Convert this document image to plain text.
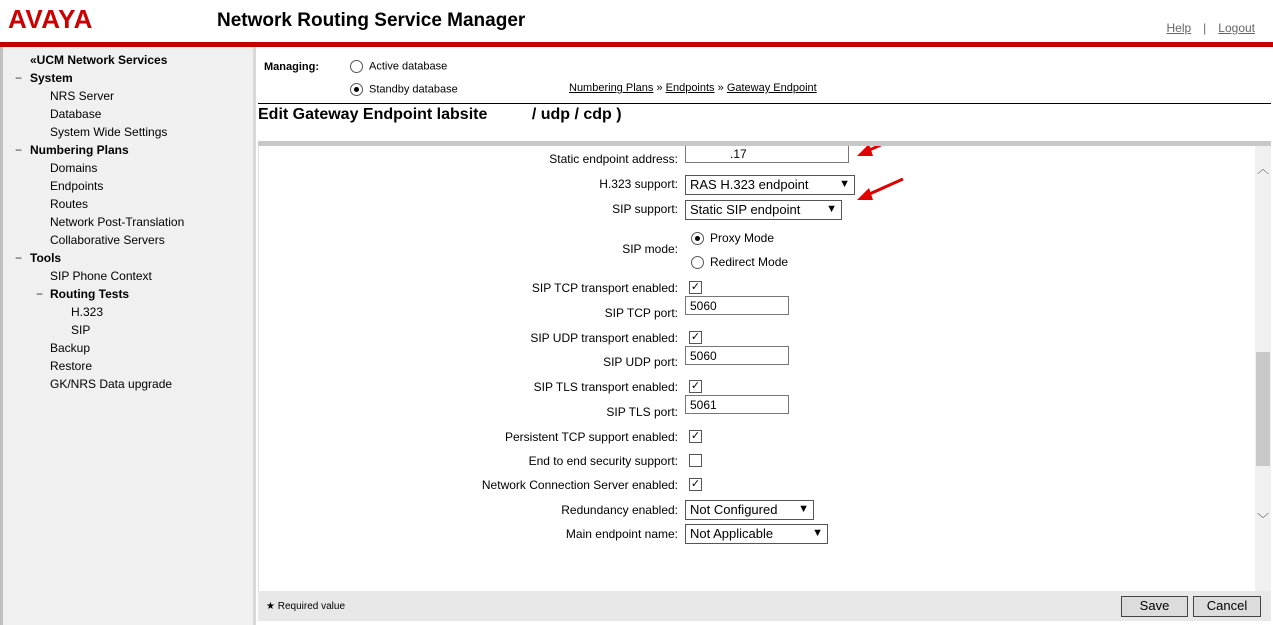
AVAYA	Network Routing Service Manager	Help | Logout
«UCM Network Services
− System
NRS Server
Database
System Wide Settings
− Numbering Plans
Domains
Endpoints
Routes
Network Post-Translation
Collaborative Servers
− Tools
SIP Phone Context
− Routing Tests
H.323
SIP
Backup
Restore
GK/NRS Data upgrade
Managing:	Active database
Standby database	Numbering Plans » Endpoints » Gateway Endpoint
Edit Gateway Endpoint labsite          / udp / cdp )
Static endpoint address:
.17
H.323 support: RAS H.323 endpoint	▼
SIP support: Static SIP endpoint ▼
SIP mode:
Proxy Mode
Redirect Mode
SIP TCP transport enabled: ✓
SIP TCP port:
5060
SIP UDP transport enabled: ✓
SIP UDP port:
5060
SIP TLS transport enabled: ✓
SIP TLS port:
5061
Persistent TCP support enabled: ✓
End to end security support:
Network Connection Server enabled: ✓
Redundancy enabled: Not Configured ▼
Main endpoint name: Not Applicable	▼
︿
﹀
★ Required value	Save	Cancel
